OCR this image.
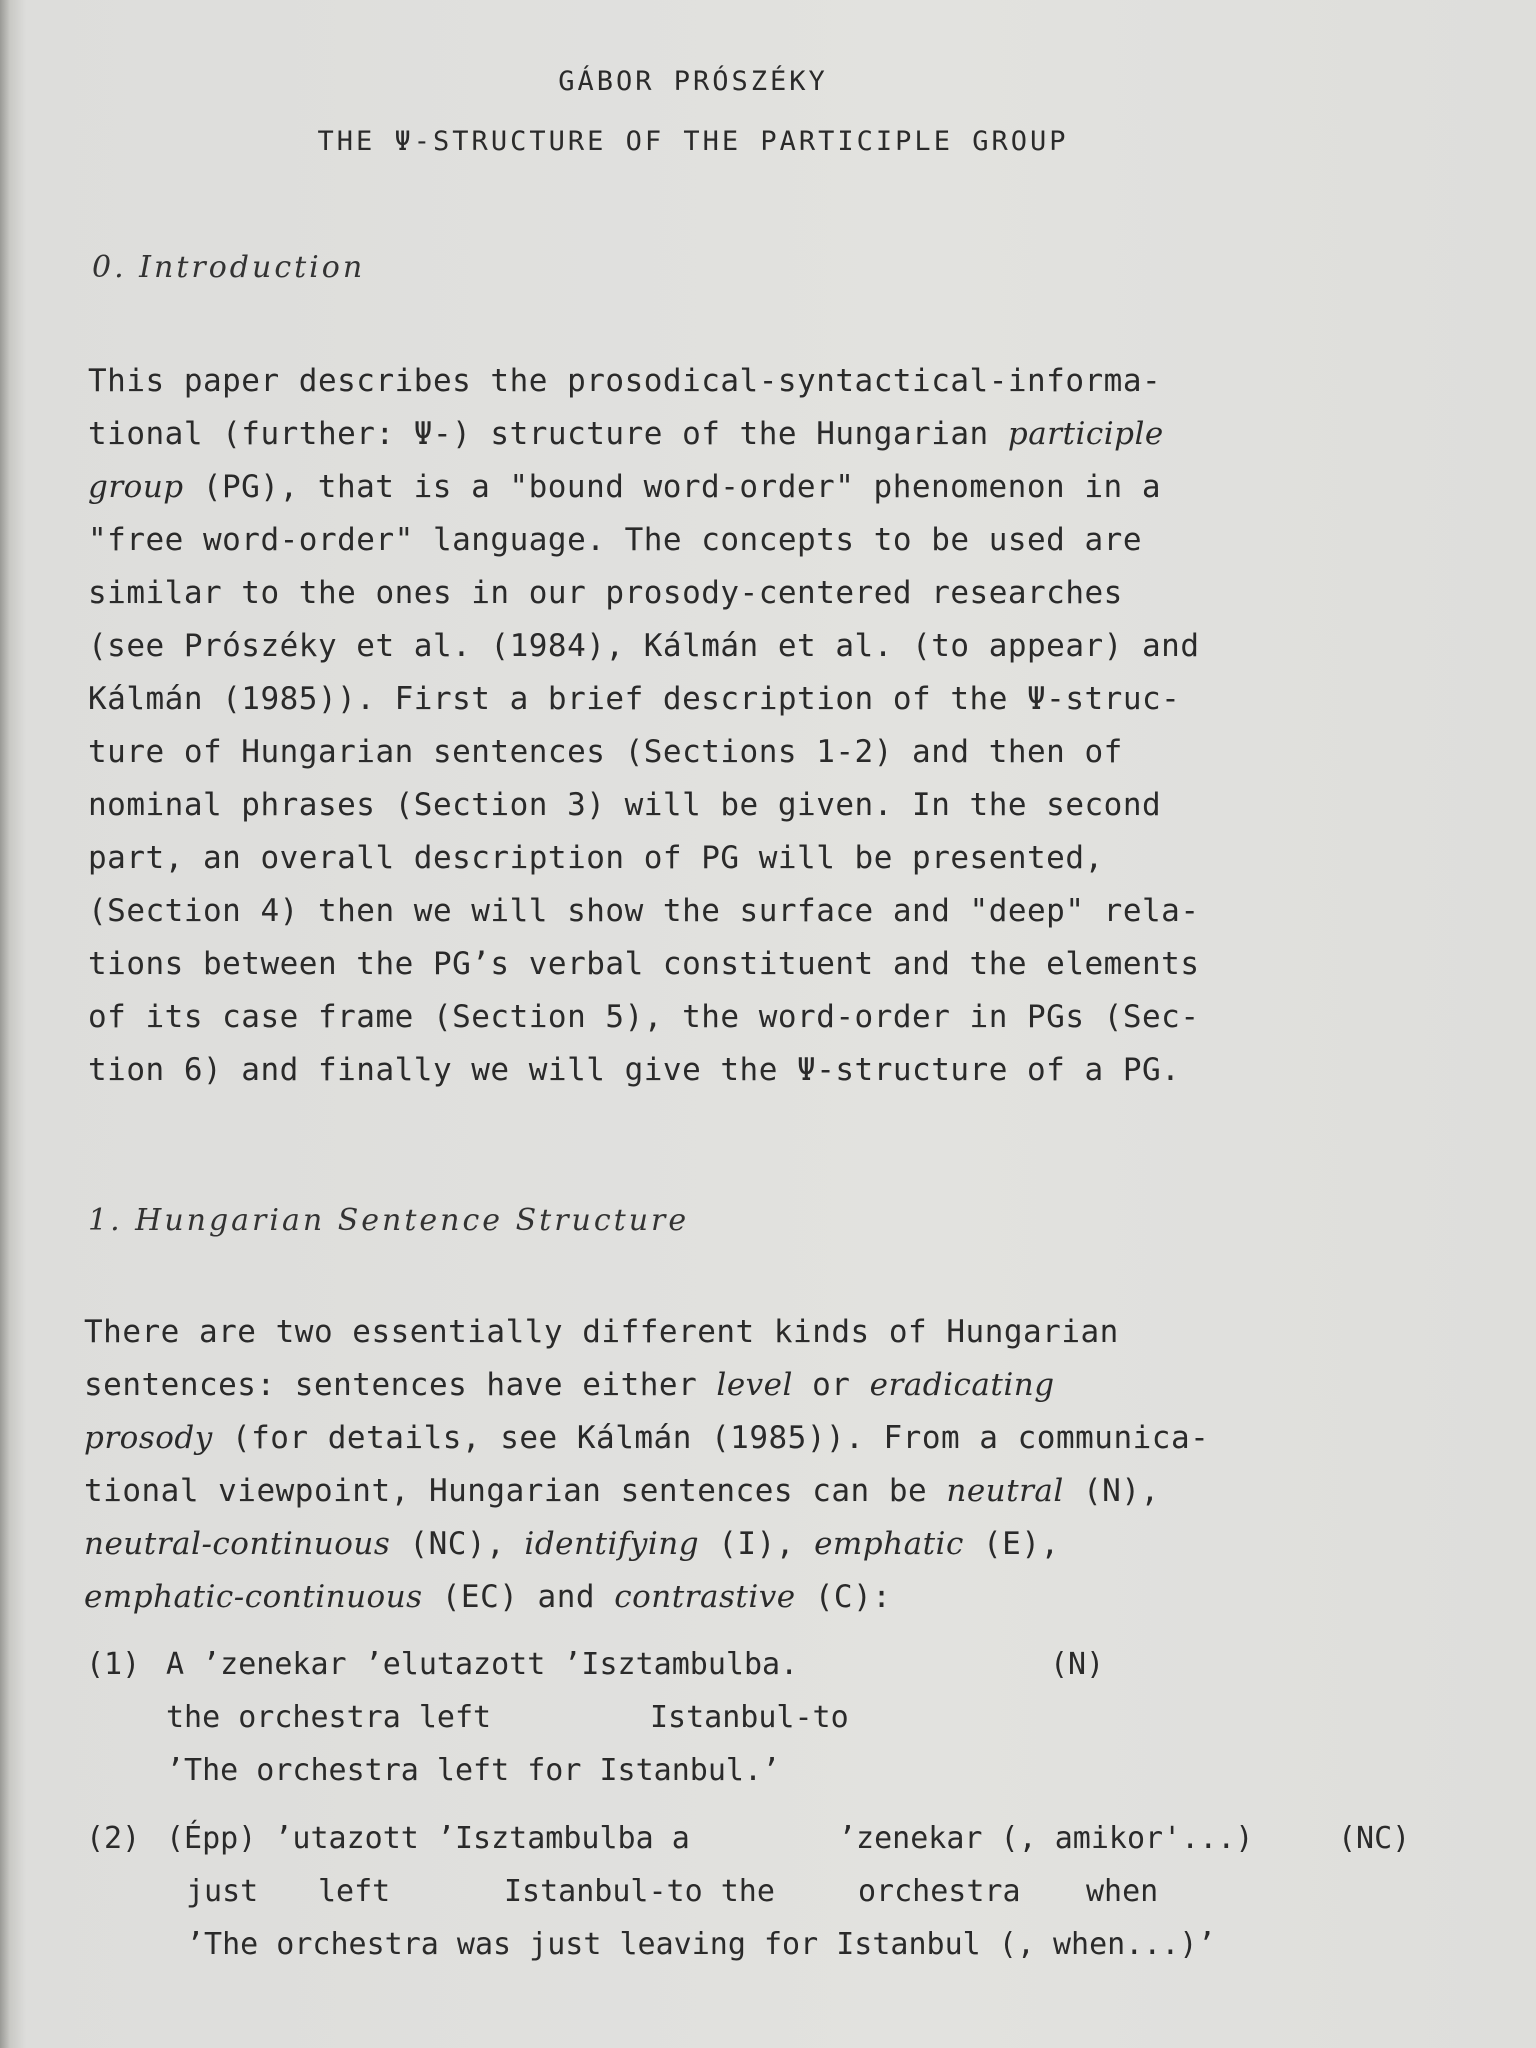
GÁBOR PRÓSZÉKY
THE Ψ-STRUCTURE OF THE PARTICIPLE GROUP
0. Introduction
This paper describes the prosodical-syntactical-informa-
tional (further: Ψ-) structure of the Hungarian participle
group (PG), that is a "bound word-order" phenomenon in a
"free word-order" language. The concepts to be used are
similar to the ones in our prosody-centered researches
(see Prószéky et al. (1984), Kálmán et al. (to appear) and
Kálmán (1985)). First a brief description of the Ψ-struc-
ture of Hungarian sentences (Sections 1-2) and then of
nominal phrases (Section 3) will be given. In the second
part, an overall description of PG will be presented,
(Section 4) then we will show the surface and "deep" rela-
tions between the PG’s verbal constituent and the elements
of its case frame (Section 5), the word-order in PGs (Sec-
tion 6) and finally we will give the Ψ-structure of a PG.
1. Hungarian Sentence Structure
There are two essentially different kinds of Hungarian
sentences: sentences have either level or eradicating
prosody (for details, see Kálmán (1985)). From a communica-
tional viewpoint, Hungarian sentences can be neutral (N),
neutral-continuous (NC), identifying (I), emphatic (E),
emphatic-continuous (EC) and contrastive (C):
(1) A ’zenekar ’elutazott ’Isztambulba.	(N)
the orchestra left	Istanbul-to
’The orchestra left for Istanbul.’
(2) (Épp) ’utazott ’Isztambulba a	’zenekar (, amikor'...)	(NC)
just left	Istanbul-to the	orchestra when
’The orchestra was just leaving for Istanbul (, when...)’
